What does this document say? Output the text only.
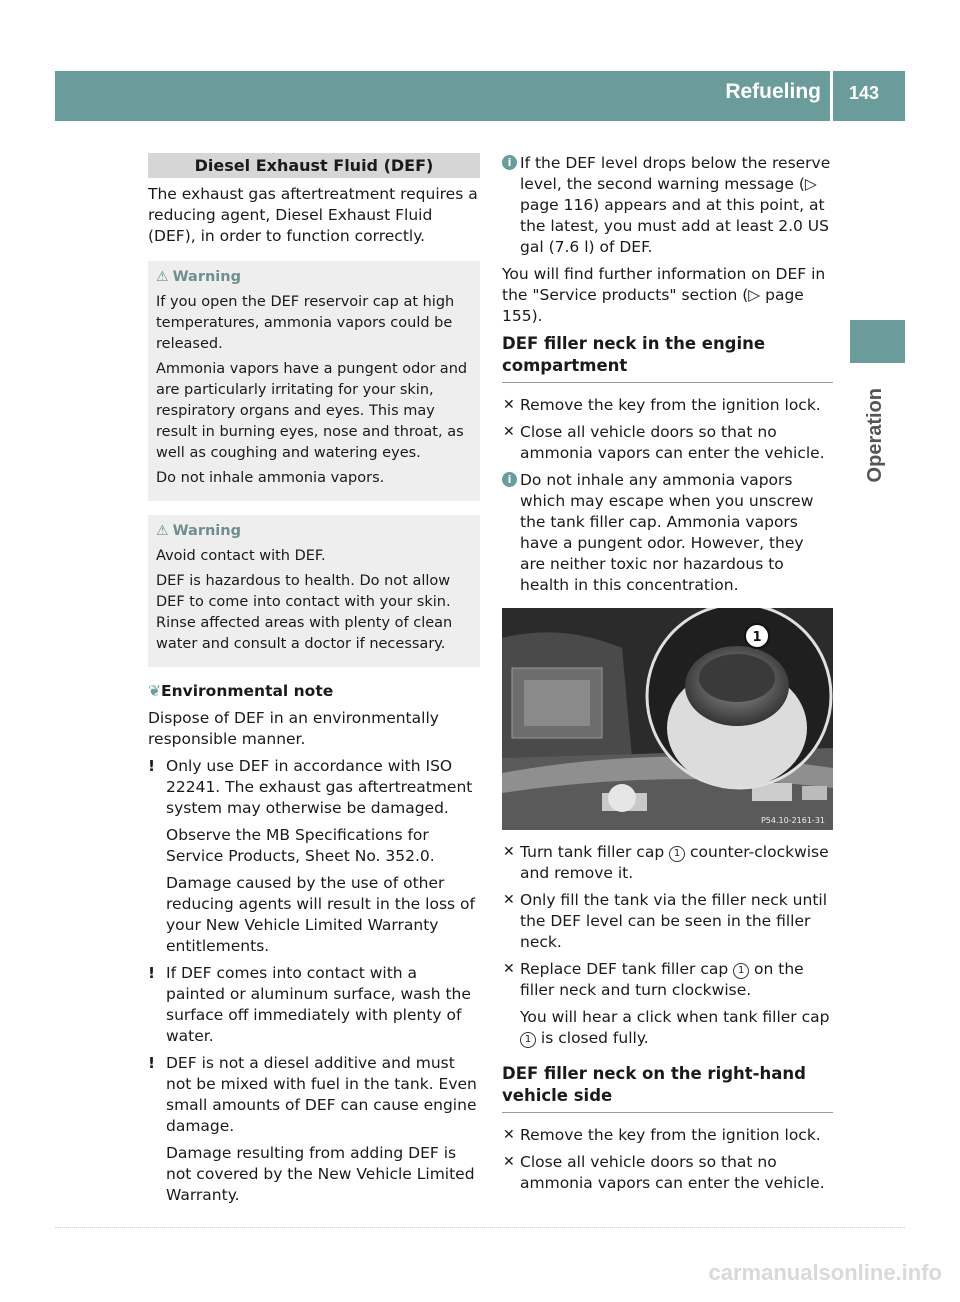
Refueling 143
Operation
Diesel Exhaust Fluid (DEF)

The exhaust gas aftertreatment requires a reducing agent, Diesel Exhaust Fluid (DEF), in order to function correctly.

⚠ Warning

If you open the DEF reservoir cap at high temperatures, ammonia vapors could be released.

Ammonia vapors have a pungent odor and are particularly irritating for your skin, respiratory organs and eyes. This may result in burning eyes, nose and throat, as well as coughing and watering eyes.

Do not inhale ammonia vapors.

⚠ Warning

Avoid contact with DEF.

DEF is hazardous to health. Do not allow DEF to come into contact with your skin. Rinse affected areas with plenty of clean water and consult a doctor if necessary.

❦Environmental note

Dispose of DEF in an environmentally responsible manner.

! Only use DEF in accordance with ISO 22241. The exhaust gas aftertreatment system may otherwise be damaged.

Observe the MB Specifications for Service Products, Sheet No. 352.0.

Damage caused by the use of other reducing agents will result in the loss of your New Vehicle Limited Warranty entitlements.

! If DEF comes into contact with a painted or aluminum surface, wash the surface off immediately with plenty of water.

! DEF is not a diesel additive and must not be mixed with fuel in the tank. Even small amounts of DEF can cause engine damage.

Damage resulting from adding DEF is not covered by the New Vehicle Limited Warranty.

i If the DEF level drops below the reserve level, the second warning message (▷ page 116) appears and at this point, at the latest, you must add at least 2.0 US gal (7.6 l) of DEF.

You will find further information on DEF in the "Service products" section (▷ page 155).

DEF filler neck in the engine compartment
✕ Remove the key from the ignition lock.

✕ Close all vehicle doors so that no ammonia vapors can enter the vehicle.

i Do not inhale any ammonia vapors which may escape when you unscrew the tank filler cap. Ammonia vapors have a pungent odor. However, they are neither toxic nor hazardous to health in this concentration.

1
P54.10-2161-31
✕ Turn tank filler cap 1 counter-clockwise and remove it.

✕ Only fill the tank via the filler neck until the DEF level can be seen in the filler neck.

✕ Replace DEF tank filler cap 1 on the filler neck and turn clockwise.

You will hear a click when tank filler cap 1 is closed fully.

DEF filler neck on the right-hand vehicle side
✕ Remove the key from the ignition lock.

✕ Close all vehicle doors so that no ammonia vapors can enter the vehicle.

carmanualsonline.info
